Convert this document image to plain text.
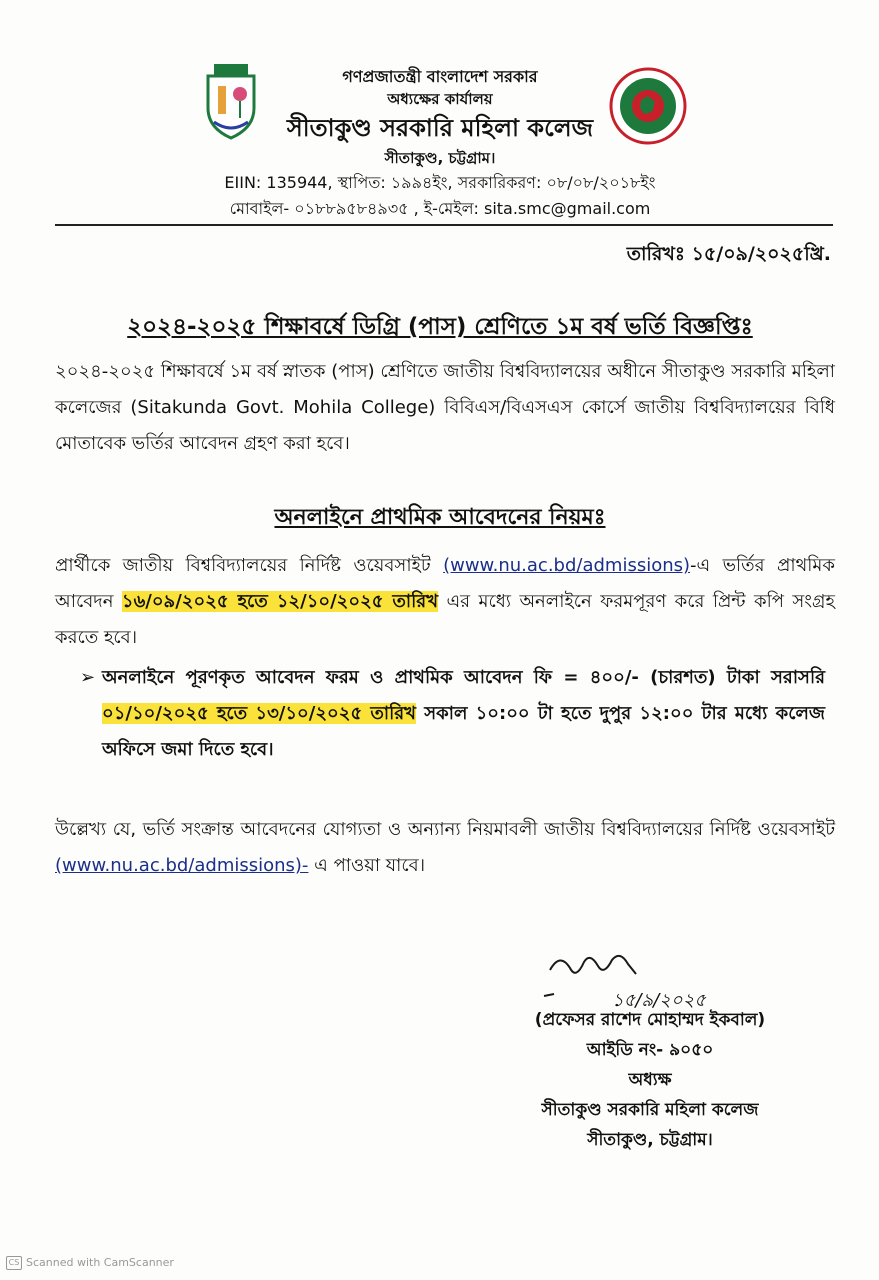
গণপ্রজাতন্ত্রী বাংলাদেশ সরকার
অধ্যক্ষের কার্যালয়
সীতাকুণ্ড সরকারি মহিলা কলেজ
সীতাকুণ্ড, চট্টগ্রাম।
EIIN: 135944, স্থাপিত: ১৯৯৪ইং, সরকারিকরণ: ০৮/০৮/২০১৮ইং
মোবাইল- ০১৮৮৯৫৮৪৯৩৫ , ই-মেইল: sita.smc@gmail.com
তারিখঃ ১৫/০৯/২০২৫খ্রি.
২০২৪-২০২৫ শিক্ষাবর্ষে ডিগ্রি (পাস) শ্রেণিতে ১ম বর্ষ ভর্তি বিজ্ঞপ্তিঃ
২০২৪-২০২৫ শিক্ষাবর্ষে ১ম বর্ষ স্নাতক (পাস) শ্রেণিতে জাতীয় বিশ্ববিদ্যালয়ের অধীনে সীতাকুণ্ড সরকারি মহিলা কলেজের (Sitakunda Govt. Mohila College) বিবিএস/বিএসএস কোর্সে জাতীয় বিশ্ববিদ্যালয়ের বিধি মোতাবেক ভর্তির আবেদন গ্রহণ করা হবে।
অনলাইনে প্রাথমিক আবেদনের নিয়মঃ
প্রার্থীকে জাতীয় বিশ্ববিদ্যালয়ের নির্দিষ্ট ওয়েবসাইট (www.nu.ac.bd/admissions)-এ ভর্তির প্রাথমিক আবেদন ১৬/০৯/২০২৫ হতে ১২/১০/২০২৫ তারিখ এর মধ্যে অনলাইনে ফরমপূরণ করে প্রিন্ট কপি সংগ্রহ করতে হবে।
➢ অনলাইনে পূরণকৃত আবেদন ফরম ও প্রাথমিক আবেদন ফি = ৪০০/- (চারশত) টাকা সরাসরি ০১/১০/২০২৫ হতে ১৩/১০/২০২৫ তারিখ সকাল ১০:০০ টা হতে দুপুর ১২:০০ টার মধ্যে কলেজ অফিসে জমা দিতে হবে।
উল্লেখ্য যে, ভর্তি সংক্রান্ত আবেদনের যোগ্যতা ও অন্যান্য নিয়মাবলী জাতীয় বিশ্ববিদ্যালয়ের নির্দিষ্ট ওয়েবসাইট (www.nu.ac.bd/admissions)- এ পাওয়া যাবে।
১৫/৯/২০২৫
(প্রফেসর রাশেদ মোহাম্মদ ইকবাল)
আইডি নং- ৯০৫০
অধ্যক্ষ
সীতাকুণ্ড সরকারি মহিলা কলেজ
সীতাকুণ্ড, চট্টগ্রাম।
CS Scanned with CamScanner
